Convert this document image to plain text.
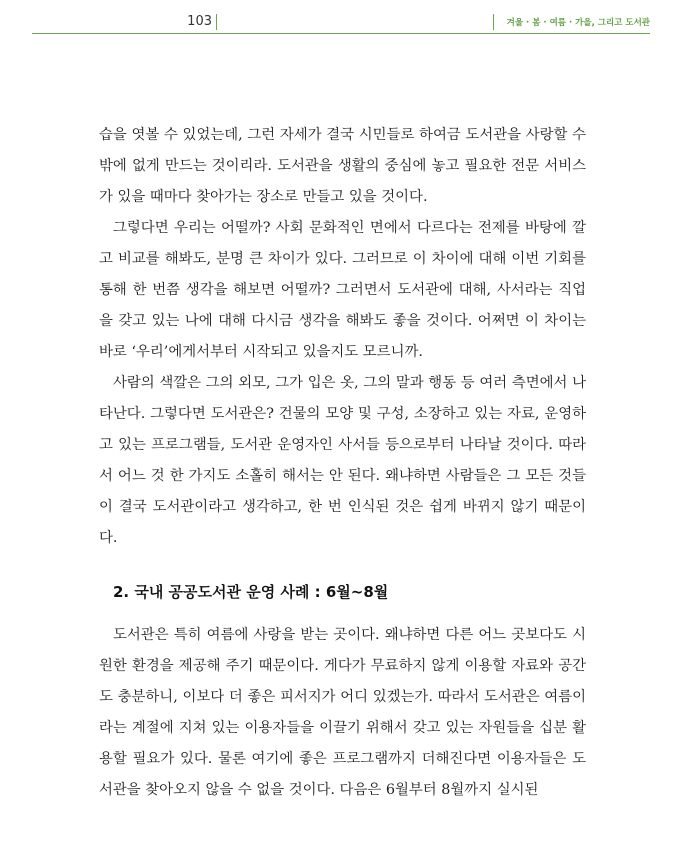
103	겨울 · 봄 · 여름 · 가을, 그리고 도서관

습을 엿볼 수 있었는데, 그런 자세가 결국 시민들로 하여금 도서관을 사랑할 수밖에 없게 만드는 것이리라. 도서관을 생활의 중심에 놓고 필요한 전문 서비스가 있을 때마다 찾아가는 장소로 만들고 있을 것이다.

그렇다면 우리는 어떨까? 사회 문화적인 면에서 다르다는 전제를 바탕에 깔고 비교를 해봐도, 분명 큰 차이가 있다. 그러므로 이 차이에 대해 이번 기회를 통해 한 번쯤 생각을 해보면 어떨까? 그러면서 도서관에 대해, 사서라는 직업을 갖고 있는 나에 대해 다시금 생각을 해봐도 좋을 것이다. 어쩌면 이 차이는 바로 ‘우리’에게서부터 시작되고 있을지도 모르니까.

사람의 색깔은 그의 외모, 그가 입은 옷, 그의 말과 행동 등 여러 측면에서 나타난다. 그렇다면 도서관은? 건물의 모양 및 구성, 소장하고 있는 자료, 운영하고 있는 프로그램들, 도서관 운영자인 사서들 등으로부터 나타날 것이다. 따라서 어느 것 한 가지도 소홀히 해서는 안 된다. 왜냐하면 사람들은 그 모든 것들이 결국 도서관이라고 생각하고, 한 번 인식된 것은 쉽게 바뀌지 않기 때문이다.

2. 국내 공공도서관 운영 사례 : 6월~8월

도서관은 특히 여름에 사랑을 받는 곳이다. 왜냐하면 다른 어느 곳보다도 시원한 환경을 제공해 주기 때문이다. 게다가 무료하지 않게 이용할 자료와 공간도 충분하니, 이보다 더 좋은 피서지가 어디 있겠는가. 따라서 도서관은 여름이라는 계절에 지쳐 있는 이용자들을 이끌기 위해서 갖고 있는 자원들을 십분 활용할 필요가 있다. 물론 여기에 좋은 프로그램까지 더해진다면 이용자들은 도서관을 찾아오지 않을 수 없을 것이다. 다음은 6월부터 8월까지 실시된
